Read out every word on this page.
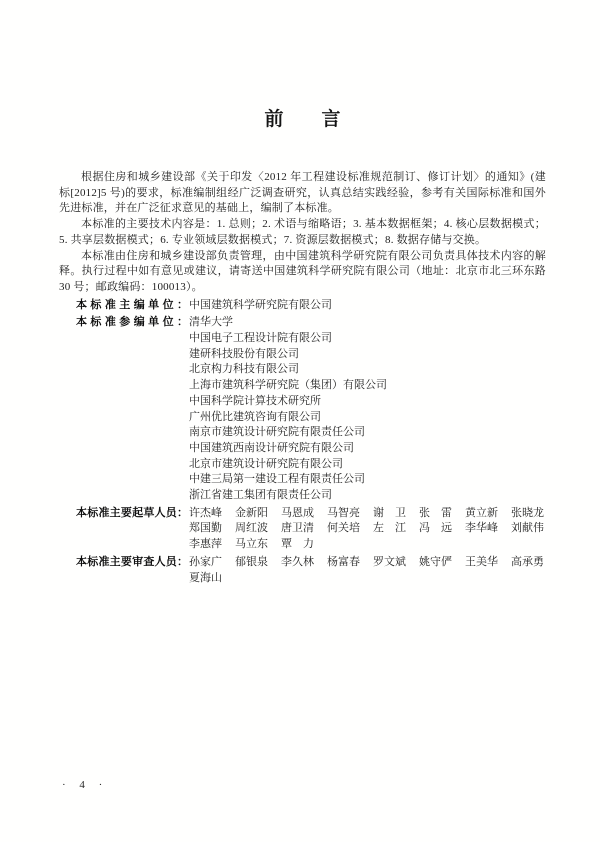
前　　言

根据住房和城乡建设部《关于印发〈2012 年工程建设标准规范制订、修订计划〉的通知》(建标[2012]5 号)的要求，标准编制组经广泛调查研究，认真总结实践经验，参考有关国际标准和国外先进标准，并在广泛征求意见的基础上，编制了本标准。

本标准的主要技术内容是：1. 总则；2. 术语与缩略语；3. 基本数据框架；4. 核心层数据模式；5. 共享层数据模式；6. 专业领域层数据模式；7. 资源层数据模式；8. 数据存储与交换。

本标准由住房和城乡建设部负责管理，由中国建筑科学研究院有限公司负责具体技术内容的解释。执行过程中如有意见或建议，请寄送中国建筑科学研究院有限公司（地址：北京市北三环东路 30 号；邮政编码：100013）。

本标准主编单位： 中国建筑科学研究院有限公司
本标准参编单位： 清华大学
中国电子工程设计院有限公司
建研科技股份有限公司
北京构力科技有限公司
上海市建筑科学研究院（集团）有限公司
中国科学院计算技术研究所
广州优比建筑咨询有限公司
南京市建筑设计研究院有限责任公司
中国建筑西南设计研究院有限公司
北京市建筑设计研究院有限公司
中建三局第一建设工程有限责任公司
浙江省建工集团有限责任公司
本标准主要起草人员： 许杰峰 金新阳 马恩成 马智亮 谢　卫 张　雷 黄立新 张晓龙
郑国勤 周红波 唐卫清 何关培 左　江 冯　远 李华峰 刘献伟
李惠萍 马立东 覃　力
本标准主要审查人员： 孙家广 郁银泉 李久林 杨富春 罗文斌 姚守俨 王美华 高承勇
夏海山
· 4 ·
